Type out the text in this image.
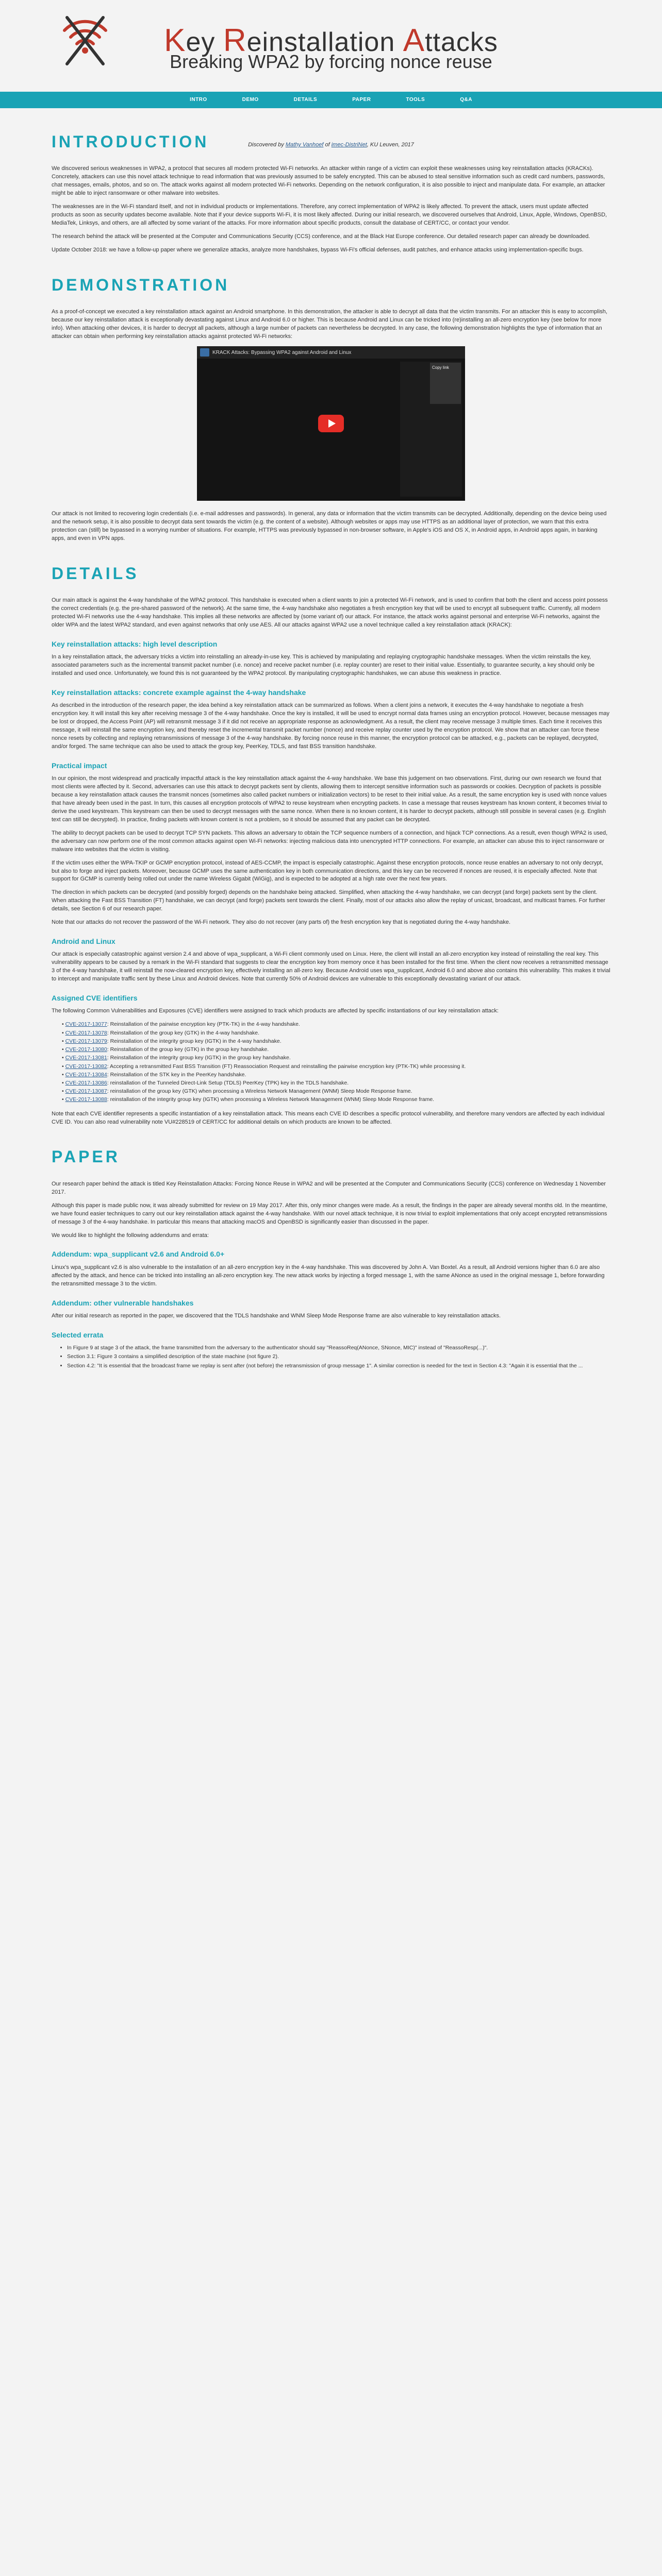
Key Reinstallation Attacks
Breaking WPA2 by forcing nonce reuse
Discovered by Mathy Vanhoef of imec-DistriNet, KU Leuven, 2017
INTRO	DEMO	DETAILS	PAPER	TOOLS	Q&A
INTRODUCTION

We discovered serious weaknesses in WPA2, a protocol that secures all modern protected Wi-Fi networks. An attacker within range of a victim can exploit these weaknesses using key reinstallation attacks (KRACKs). Concretely, attackers can use this novel attack technique to read information that was previously assumed to be safely encrypted. This can be abused to steal sensitive information such as credit card numbers, passwords, chat messages, emails, photos, and so on. The attack works against all modern protected Wi-Fi networks. Depending on the network configuration, it is also possible to inject and manipulate data. For example, an attacker might be able to inject ransomware or other malware into websites.

The weaknesses are in the Wi-Fi standard itself, and not in individual products or implementations. Therefore, any correct implementation of WPA2 is likely affected. To prevent the attack, users must update affected products as soon as security updates become available. Note that if your device supports Wi-Fi, it is most likely affected. During our initial research, we discovered ourselves that Android, Linux, Apple, Windows, OpenBSD, MediaTek, Linksys, and others, are all affected by some variant of the attacks. For more information about specific products, consult the database of CERT/CC, or contact your vendor.

The research behind the attack will be presented at the Computer and Communications Security (CCS) conference, and at the Black Hat Europe conference. Our detailed research paper can already be downloaded.

Update October 2018: we have a follow-up paper where we generalize attacks, analyze more handshakes, bypass Wi-Fi's official defenses, audit patches, and enhance attacks using implementation-specific bugs.

DEMONSTRATION

As a proof-of-concept we executed a key reinstallation attack against an Android smartphone. In this demonstration, the attacker is able to decrypt all data that the victim transmits. For an attacker this is easy to accomplish, because our key reinstallation attack is exceptionally devastating against Linux and Android 6.0 or higher. This is because Android and Linux can be tricked into (re)installing an all-zero encryption key (see below for more info). When attacking other devices, it is harder to decrypt all packets, although a large number of packets can nevertheless be decrypted. In any case, the following demonstration highlights the type of information that an attacker can obtain when performing key reinstallation attacks against protected Wi-Fi networks:

KRACK Attacks: Bypassing WPA2 against Android and Linux

Copy link

Our attack is not limited to recovering login credentials (i.e. e-mail addresses and passwords). In general, any data or information that the victim transmits can be decrypted. Additionally, depending on the device being used and the network setup, it is also possible to decrypt data sent towards the victim (e.g. the content of a website). Although websites or apps may use HTTPS as an additional layer of protection, we warn that this extra protection can (still) be bypassed in a worrying number of situations. For example, HTTPS was previously bypassed in non-browser software, in Apple's iOS and OS X, in Android apps, in Android apps again, in banking apps, and even in VPN apps.

DETAILS

Our main attack is against the 4-way handshake of the WPA2 protocol. This handshake is executed when a client wants to join a protected Wi-Fi network, and is used to confirm that both the client and access point possess the correct credentials (e.g. the pre-shared password of the network). At the same time, the 4-way handshake also negotiates a fresh encryption key that will be used to encrypt all subsequent traffic. Currently, all modern protected Wi-Fi networks use the 4-way handshake. This implies all these networks are affected by (some variant of) our attack. For instance, the attack works against personal and enterprise Wi-Fi networks, against the older WPA and the latest WPA2 standard, and even against networks that only use AES. All our attacks against WPA2 use a novel technique called a key reinstallation attack (KRACK):

Key reinstallation attacks: high level description

In a key reinstallation attack, the adversary tricks a victim into reinstalling an already-in-use key. This is achieved by manipulating and replaying cryptographic handshake messages. When the victim reinstalls the key, associated parameters such as the incremental transmit packet number (i.e. nonce) and receive packet number (i.e. replay counter) are reset to their initial value. Essentially, to guarantee security, a key should only be installed and used once. Unfortunately, we found this is not guaranteed by the WPA2 protocol. By manipulating cryptographic handshakes, we can abuse this weakness in practice.

Key reinstallation attacks: concrete example against the 4-way handshake

As described in the introduction of the research paper, the idea behind a key reinstallation attack can be summarized as follows. When a client joins a network, it executes the 4-way handshake to negotiate a fresh encryption key. It will install this key after receiving message 3 of the 4-way handshake. Once the key is installed, it will be used to encrypt normal data frames using an encryption protocol. However, because messages may be lost or dropped, the Access Point (AP) will retransmit message 3 if it did not receive an appropriate response as acknowledgment. As a result, the client may receive message 3 multiple times. Each time it receives this message, it will reinstall the same encryption key, and thereby reset the incremental transmit packet number (nonce) and receive replay counter used by the encryption protocol. We show that an attacker can force these nonce resets by collecting and replaying retransmissions of message 3 of the 4-way handshake. By forcing nonce reuse in this manner, the encryption protocol can be attacked, e.g., packets can be replayed, decrypted, and/or forged. The same technique can also be used to attack the group key, PeerKey, TDLS, and fast BSS transition handshake.

Practical impact

In our opinion, the most widespread and practically impactful attack is the key reinstallation attack against the 4-way handshake. We base this judgement on two observations. First, during our own research we found that most clients were affected by it. Second, adversaries can use this attack to decrypt packets sent by clients, allowing them to intercept sensitive information such as passwords or cookies. Decryption of packets is possible because a key reinstallation attack causes the transmit nonces (sometimes also called packet numbers or initialization vectors) to be reset to their initial value. As a result, the same encryption key is used with nonce values that have already been used in the past. In turn, this causes all encryption protocols of WPA2 to reuse keystream when encrypting packets. In case a message that reuses keystream has known content, it becomes trivial to derive the used keystream. This keystream can then be used to decrypt messages with the same nonce. When there is no known content, it is harder to decrypt packets, although still possible in several cases (e.g. English text can still be decrypted). In practice, finding packets with known content is not a problem, so it should be assumed that any packet can be decrypted.

The ability to decrypt packets can be used to decrypt TCP SYN packets. This allows an adversary to obtain the TCP sequence numbers of a connection, and hijack TCP connections. As a result, even though WPA2 is used, the adversary can now perform one of the most common attacks against open Wi-Fi networks: injecting malicious data into unencrypted HTTP connections. For example, an attacker can abuse this to inject ransomware or malware into websites that the victim is visiting.

If the victim uses either the WPA-TKIP or GCMP encryption protocol, instead of AES-CCMP, the impact is especially catastrophic. Against these encryption protocols, nonce reuse enables an adversary to not only decrypt, but also to forge and inject packets. Moreover, because GCMP uses the same authentication key in both communication directions, and this key can be recovered if nonces are reused, it is especially affected. Note that support for GCMP is currently being rolled out under the name Wireless Gigabit (WiGig), and is expected to be adopted at a high rate over the next few years.

The direction in which packets can be decrypted (and possibly forged) depends on the handshake being attacked. Simplified, when attacking the 4-way handshake, we can decrypt (and forge) packets sent by the client. When attacking the Fast BSS Transition (FT) handshake, we can decrypt (and forge) packets sent towards the client. Finally, most of our attacks also allow the replay of unicast, broadcast, and multicast frames. For further details, see Section 6 of our research paper.

Note that our attacks do not recover the password of the Wi-Fi network. They also do not recover (any parts of) the fresh encryption key that is negotiated during the 4-way handshake.

Android and Linux

Our attack is especially catastrophic against version 2.4 and above of wpa_supplicant, a Wi-Fi client commonly used on Linux. Here, the client will install an all-zero encryption key instead of reinstalling the real key. This vulnerability appears to be caused by a remark in the Wi-Fi standard that suggests to clear the encryption key from memory once it has been installed for the first time. When the client now receives a retransmitted message 3 of the 4-way handshake, it will reinstall the now-cleared encryption key, effectively installing an all-zero key. Because Android uses wpa_supplicant, Android 6.0 and above also contains this vulnerability. This makes it trivial to intercept and manipulate traffic sent by these Linux and Android devices. Note that currently 50% of Android devices are vulnerable to this exceptionally devastating variant of our attack.

Assigned CVE identifiers

The following Common Vulnerabilities and Exposures (CVE) identifiers were assigned to track which products are affected by specific instantiations of our key reinstallation attack:

• CVE-2017-13077: Reinstallation of the pairwise encryption key (PTK-TK) in the 4-way handshake.
• CVE-2017-13078: Reinstallation of the group key (GTK) in the 4-way handshake.
• CVE-2017-13079: Reinstallation of the integrity group key (IGTK) in the 4-way handshake.
• CVE-2017-13080: Reinstallation of the group key (GTK) in the group key handshake.
• CVE-2017-13081: Reinstallation of the integrity group key (IGTK) in the group key handshake.
• CVE-2017-13082: Accepting a retransmitted Fast BSS Transition (FT) Reassociation Request and reinstalling the pairwise encryption key (PTK-TK) while processing it.
• CVE-2017-13084: Reinstallation of the STK key in the PeerKey handshake.
• CVE-2017-13086: reinstallation of the Tunneled Direct-Link Setup (TDLS) PeerKey (TPK) key in the TDLS handshake.
• CVE-2017-13087: reinstallation of the group key (GTK) when processing a Wireless Network Management (WNM) Sleep Mode Response frame.
• CVE-2017-13088: reinstallation of the integrity group key (IGTK) when processing a Wireless Network Management (WNM) Sleep Mode Response frame.

Note that each CVE identifier represents a specific instantiation of a key reinstallation attack. This means each CVE ID describes a specific protocol vulnerability, and therefore many vendors are affected by each individual CVE ID. You can also read vulnerability note VU#228519 of CERT/CC for additional details on which products are known to be affected.

PAPER

Our research paper behind the attack is titled Key Reinstallation Attacks: Forcing Nonce Reuse in WPA2 and will be presented at the Computer and Communications Security (CCS) conference on Wednesday 1 November 2017.

Although this paper is made public now, it was already submitted for review on 19 May 2017. After this, only minor changes were made. As a result, the findings in the paper are already several months old. In the meantime, we have found easier techniques to carry out our key reinstallation attack against the 4-way handshake. With our novel attack technique, it is now trivial to exploit implementations that only accept encrypted retransmissions of message 3 of the 4-way handshake. In particular this means that attacking macOS and OpenBSD is significantly easier than discussed in the paper.

We would like to highlight the following addendums and errata:

Addendum: wpa_supplicant v2.6 and Android 6.0+

Linux's wpa_supplicant v2.6 is also vulnerable to the installation of an all-zero encryption key in the 4-way handshake. This was discovered by John A. Van Boxtel. As a result, all Android versions higher than 6.0 are also affected by the attack, and hence can be tricked into installing an all-zero encryption key. The new attack works by injecting a forged message 1, with the same ANonce as used in the original message 1, before forwarding the retransmitted message 3 to the victim.

Addendum: other vulnerable handshakes

After our initial research as reported in the paper, we discovered that the TDLS handshake and WNM Sleep Mode Response frame are also vulnerable to key reinstallation attacks.

Selected errata
• In Figure 9 at stage 3 of the attack, the frame transmitted from the adversary to the authenticator should say "ReassoReq(ANonce, SNonce, MIC)" instead of "ReassoResp(...)".
• Section 3.1: Figure 3 contains a simplified description of the state machine (not figure 2).
• Section 4.2: "It is essential that the broadcast frame we replay is sent after (not before) the retransmission of group message 1". A similar correction is needed for the text in Section 4.3: "Again it is essential that the ...
